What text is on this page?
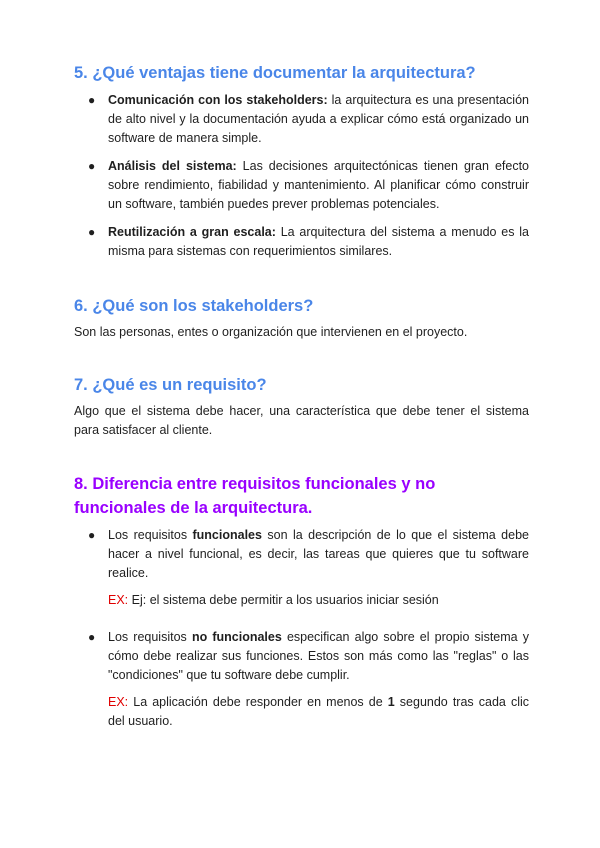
5. ¿Qué ventajas tiene documentar la arquitectura?
● Comunicación con los stakeholders: la arquitectura es una presentación de alto nivel y la documentación ayuda a explicar cómo está organizado un software de manera simple.
● Análisis del sistema: Las decisiones arquitectónicas tienen gran efecto sobre rendimiento, fiabilidad y mantenimiento. Al planificar cómo construir un software, también puedes prever problemas potenciales.
● Reutilización a gran escala: La arquitectura del sistema a menudo es la misma para sistemas con requerimientos similares.
6. ¿Qué son los stakeholders?

Son las personas, entes o organización que intervienen en el proyecto.

7. ¿Qué es un requisito?

Algo que el sistema debe hacer, una característica que debe tener el sistema para satisfacer al cliente.

8. Diferencia entre requisitos funcionales y no funcionales de la arquitectura.
● Los requisitos funcionales son la descripción de lo que el sistema debe hacer a nivel funcional, es decir, las tareas que quieres que tu software realice.

EX: Ej: el sistema debe permitir a los usuarios iniciar sesión

● Los requisitos no funcionales especifican algo sobre el propio sistema y cómo debe realizar sus funciones. Estos son más como las "reglas" o las "condiciones" que tu software debe cumplir.

EX: La aplicación debe responder en menos de 1 segundo tras cada clic del usuario.
